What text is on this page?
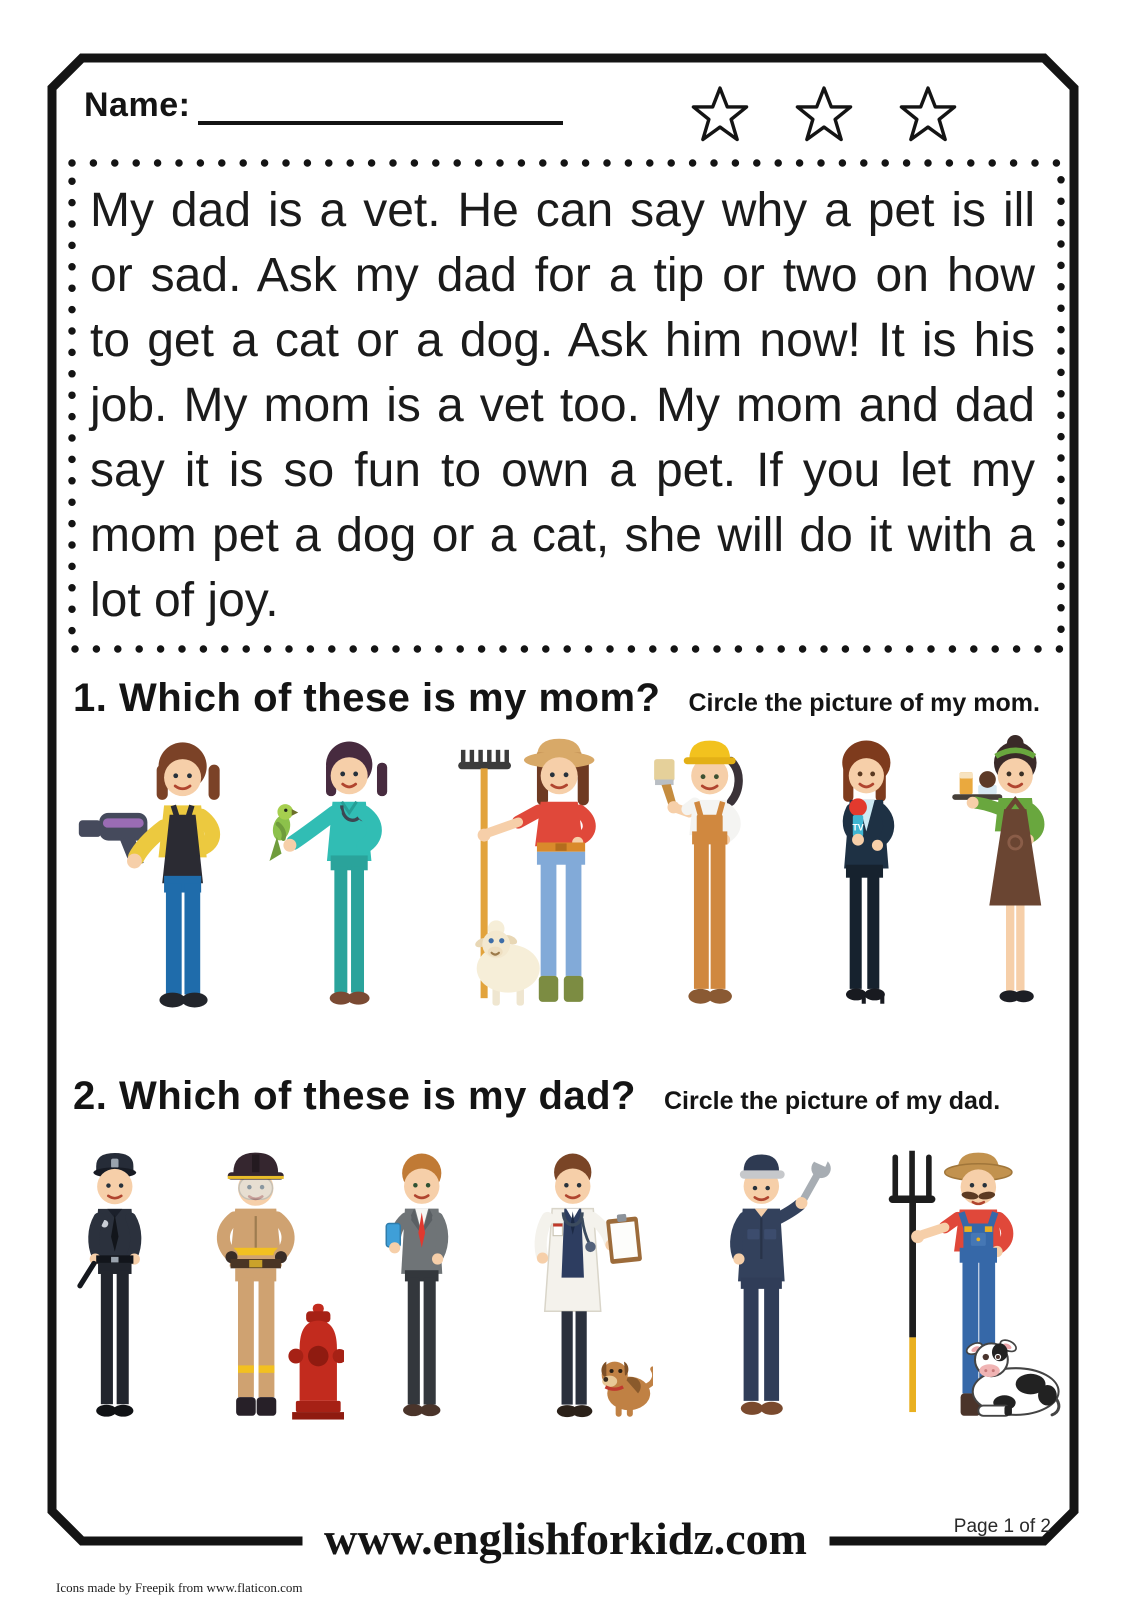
Name:
My dad is a vet. He can say why a pet is ill or sad. Ask my dad for a tip or two on how to get a cat or a dog. Ask him now! It is his job. My mom is a vet too. My mom and dad say it is so fun to own a pet. If you let my mom pet a dog or a cat, she will do it with a lot of joy.
1. Which of these is my mom? Circle the picture of my mom.
TV
2. Which of these is my dad? Circle the picture of my dad.
www.englishforkidz.com	Page 1 of 2
Icons made by Freepik from www.flaticon.com
